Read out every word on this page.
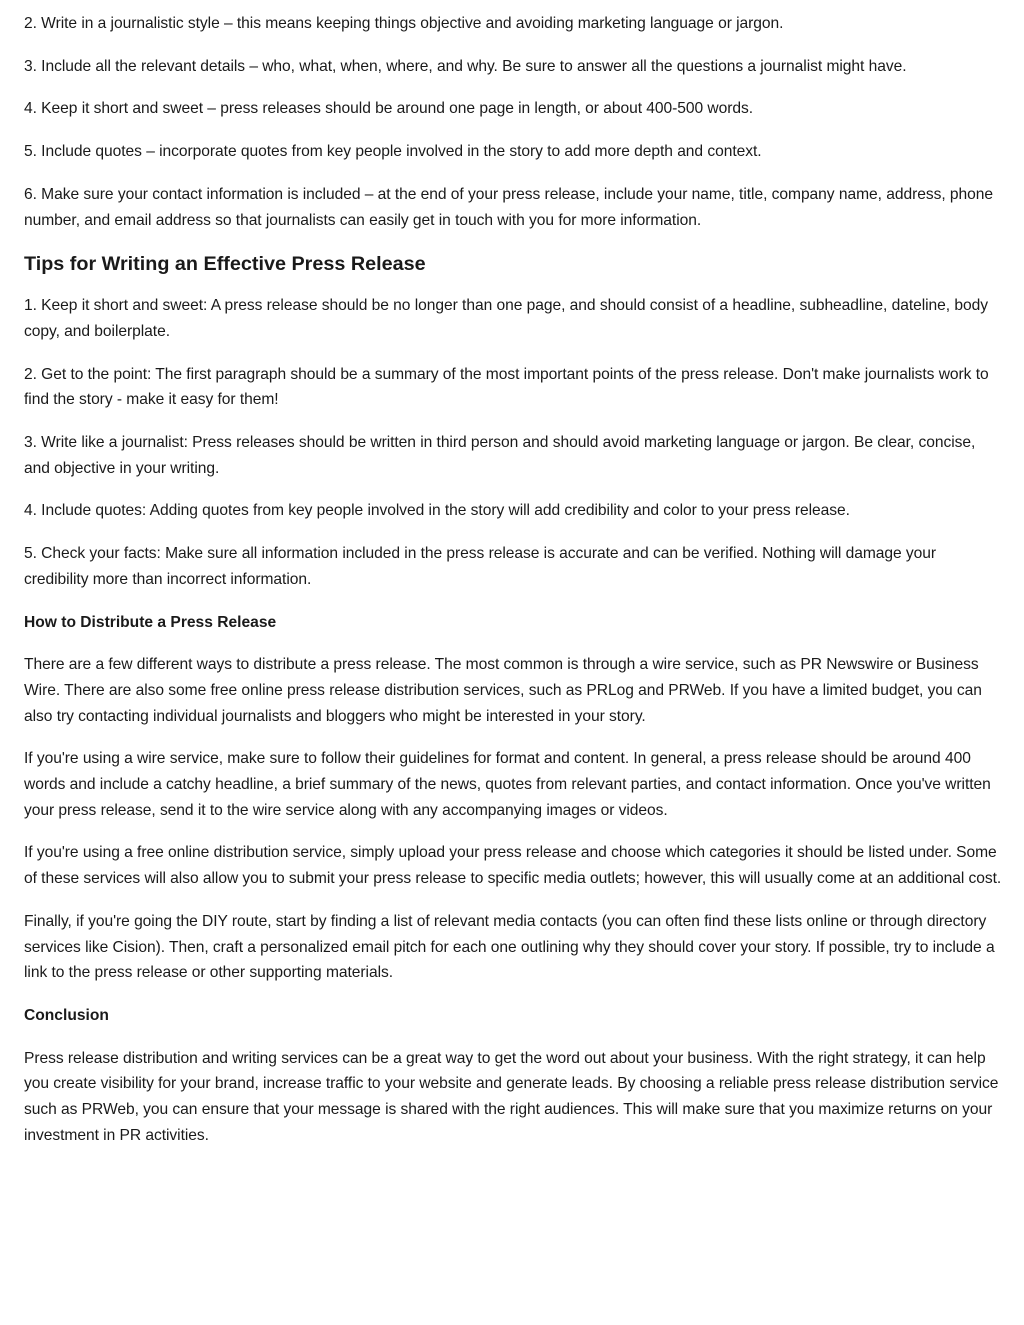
2. Write in a journalistic style – this means keeping things objective and avoiding marketing language or jargon.

3. Include all the relevant details – who, what, when, where, and why. Be sure to answer all the questions a journalist might have.

4. Keep it short and sweet – press releases should be around one page in length, or about 400-500 words.

5. Include quotes – incorporate quotes from key people involved in the story to add more depth and context.

6. Make sure your contact information is included – at the end of your press release, include your name, title, company name, address, phone number, and email address so that journalists can easily get in touch with you for more information.

Tips for Writing an Effective Press Release

1. Keep it short and sweet: A press release should be no longer than one page, and should consist of a headline, subheadline, dateline, body copy, and boilerplate.

2. Get to the point: The first paragraph should be a summary of the most important points of the press release. Don't make journalists work to find the story - make it easy for them!

3. Write like a journalist: Press releases should be written in third person and should avoid marketing language or jargon. Be clear, concise, and objective in your writing.

4. Include quotes: Adding quotes from key people involved in the story will add credibility and color to your press release.

5. Check your facts: Make sure all information included in the press release is accurate and can be verified. Nothing will damage your credibility more than incorrect information.

How to Distribute a Press Release

There are a few different ways to distribute a press release. The most common is through a wire service, such as PR Newswire or Business Wire. There are also some free online press release distribution services, such as PRLog and PRWeb. If you have a limited budget, you can also try contacting individual journalists and bloggers who might be interested in your story.

If you're using a wire service, make sure to follow their guidelines for format and content. In general, a press release should be around 400 words and include a catchy headline, a brief summary of the news, quotes from relevant parties, and contact information. Once you've written your press release, send it to the wire service along with any accompanying images or videos.

If you're using a free online distribution service, simply upload your press release and choose which categories it should be listed under. Some of these services will also allow you to submit your press release to specific media outlets; however, this will usually come at an additional cost.

Finally, if you're going the DIY route, start by finding a list of relevant media contacts (you can often find these lists online or through directory services like Cision). Then, craft a personalized email pitch for each one outlining why they should cover your story. If possible, try to include a link to the press release or other supporting materials.

Conclusion

Press release distribution and writing services can be a great way to get the word out about your business. With the right strategy, it can help you create visibility for your brand, increase traffic to your website and generate leads. By choosing a reliable press release distribution service such as PRWeb, you can ensure that your message is shared with the right audiences. This will make sure that you maximize returns on your investment in PR activities.
